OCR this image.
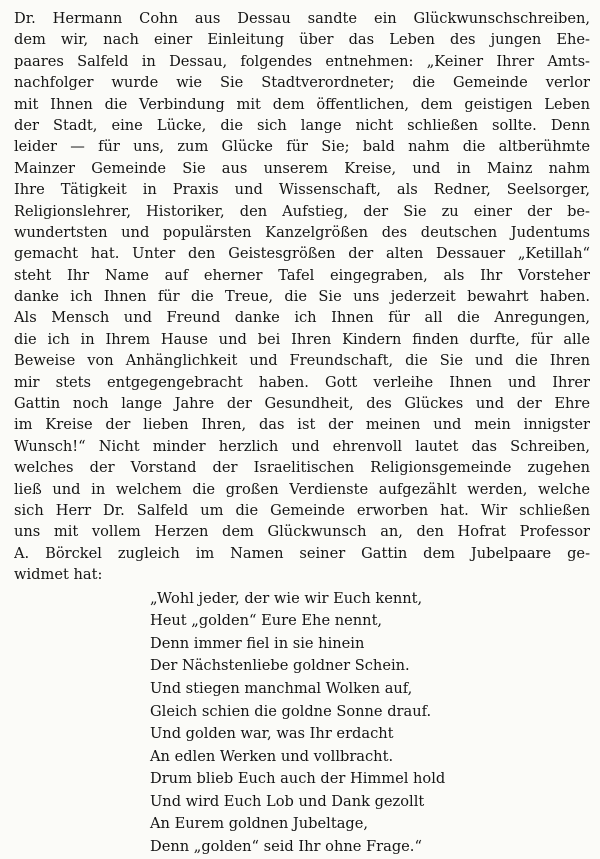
Dr. Hermann Cohn aus Dessau sandte ein Glückwunschschreiben,
dem wir, nach einer Einleitung über das Leben des jungen Ehe-
paares Salfeld in Dessau, folgendes entnehmen: „Keiner Ihrer Amts-
nachfolger wurde wie Sie Stadtverordneter; die Gemeinde verlor
mit Ihnen die Verbindung mit dem öffentlichen, dem geistigen Leben
der Stadt, eine Lücke, die sich lange nicht schließen sollte. Denn
leider — für uns, zum Glücke für Sie; bald nahm die altberühmte
Mainzer Gemeinde Sie aus unserem Kreise, und in Mainz nahm
Ihre Tätigkeit in Praxis und Wissenschaft, als Redner, Seelsorger,
Religionslehrer, Historiker, den Aufstieg, der Sie zu einer der be-
wundertsten und populärsten Kanzelgrößen des deutschen Judentums
gemacht hat. Unter den Geistesgrößen der alten Dessauer „Ketillah“
steht Ihr Name auf eherner Tafel eingegraben, als Ihr Vorsteher
danke ich Ihnen für die Treue, die Sie uns jederzeit bewahrt haben.
Als Mensch und Freund danke ich Ihnen für all die Anregungen,
die ich in Ihrem Hause und bei Ihren Kindern finden durfte, für alle
Beweise von Anhänglichkeit und Freundschaft, die Sie und die Ihren
mir stets entgegengebracht haben. Gott verleihe Ihnen und Ihrer
Gattin noch lange Jahre der Gesundheit, des Glückes und der Ehre
im Kreise der lieben Ihren, das ist der meinen und mein innigster
Wunsch!“ Nicht minder herzlich und ehrenvoll lautet das Schreiben,
welches der Vorstand der Israelitischen Religionsgemeinde zugehen
ließ und in welchem die großen Verdienste aufgezählt werden, welche
sich Herr Dr. Salfeld um die Gemeinde erworben hat. Wir schließen
uns mit vollem Herzen dem Glückwunsch an, den Hofrat Professor
A. Börckel zugleich im Namen seiner Gattin dem Jubelpaare ge-
widmet hat:
„Wohl jeder, der wie wir Euch kennt,
Heut „golden“ Eure Ehe nennt,
Denn immer fiel in sie hinein
Der Nächstenliebe goldner Schein.
Und stiegen manchmal Wolken auf,
Gleich schien die goldne Sonne drauf.
Und golden war, was Ihr erdacht
An edlen Werken und vollbracht.
Drum blieb Euch auch der Himmel hold
Und wird Euch Lob und Dank gezollt
An Eurem goldnen Jubeltage,
Denn „golden“ seid Ihr ohne Frage.“
